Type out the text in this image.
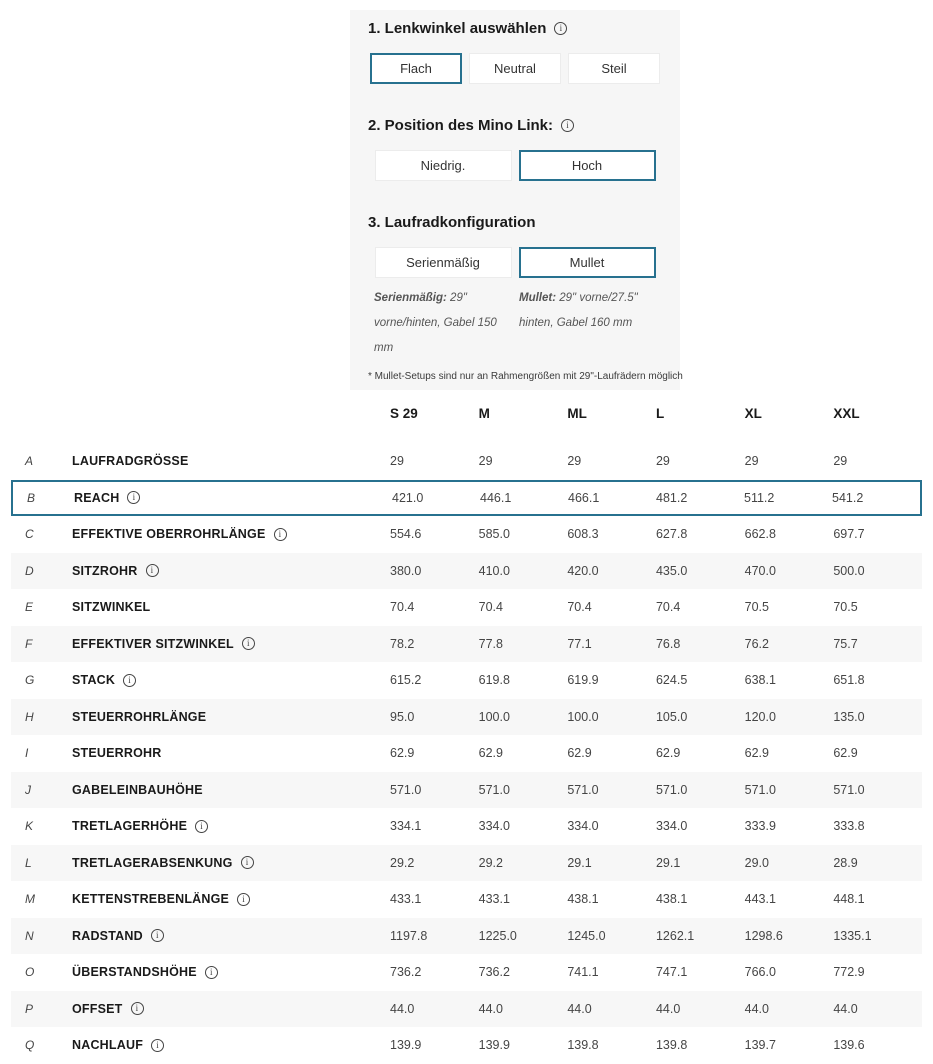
1. Lenkwinkel auswählen
i
Flach	Neutral	Steil
2. Position des Mino Link:
i
Niedrig.	Hoch
3. Laufradkonfiguration
Serienmäßig	Mullet
Serienmäßig: 29" vorne/hinten, Gabel 150 mm
Mullet: 29" vorne/27.5" hinten, Gabel 160 mm
* Mullet-Setups sind nur an Rahmengrößen mit 29"-Laufrädern möglich
S 29	M	ML	L	XL	XXL
A	LAUFRADGRÖSSE	29	29	29	29	29	29
B	REACH i	421.0	446.1	466.1	481.2	511.2	541.2
C	EFFEKTIVE OBERROHRLÄNGE i	554.6	585.0	608.3	627.8	662.8	697.7
D	SITZROHR i	380.0	410.0	420.0	435.0	470.0	500.0
E	SITZWINKEL	70.4	70.4	70.4	70.4	70.5	70.5
F	EFFEKTIVER SITZWINKEL i	78.2	77.8	77.1	76.8	76.2	75.7
G	STACK i	615.2	619.8	619.9	624.5	638.1	651.8
H	STEUERROHRLÄNGE	95.0	100.0	100.0	105.0	120.0	135.0
I	STEUERROHR	62.9	62.9	62.9	62.9	62.9	62.9
J	GABELEINBAUHÖHE	571.0	571.0	571.0	571.0	571.0	571.0
K	TRETLAGERHÖHE i	334.1	334.0	334.0	334.0	333.9	333.8
L	TRETLAGERABSENKUNG i	29.2	29.2	29.1	29.1	29.0	28.9
M	KETTENSTREBENLÄNGE i	433.1	433.1	438.1	438.1	443.1	448.1
N	RADSTAND i	1197.8	1225.0	1245.0	1262.1	1298.6	1335.1
O	ÜBERSTANDSHÖHE i	736.2	736.2	741.1	747.1	766.0	772.9
P	OFFSET i	44.0	44.0	44.0	44.0	44.0	44.0
Q	NACHLAUF i	139.9	139.9	139.8	139.8	139.7	139.6
